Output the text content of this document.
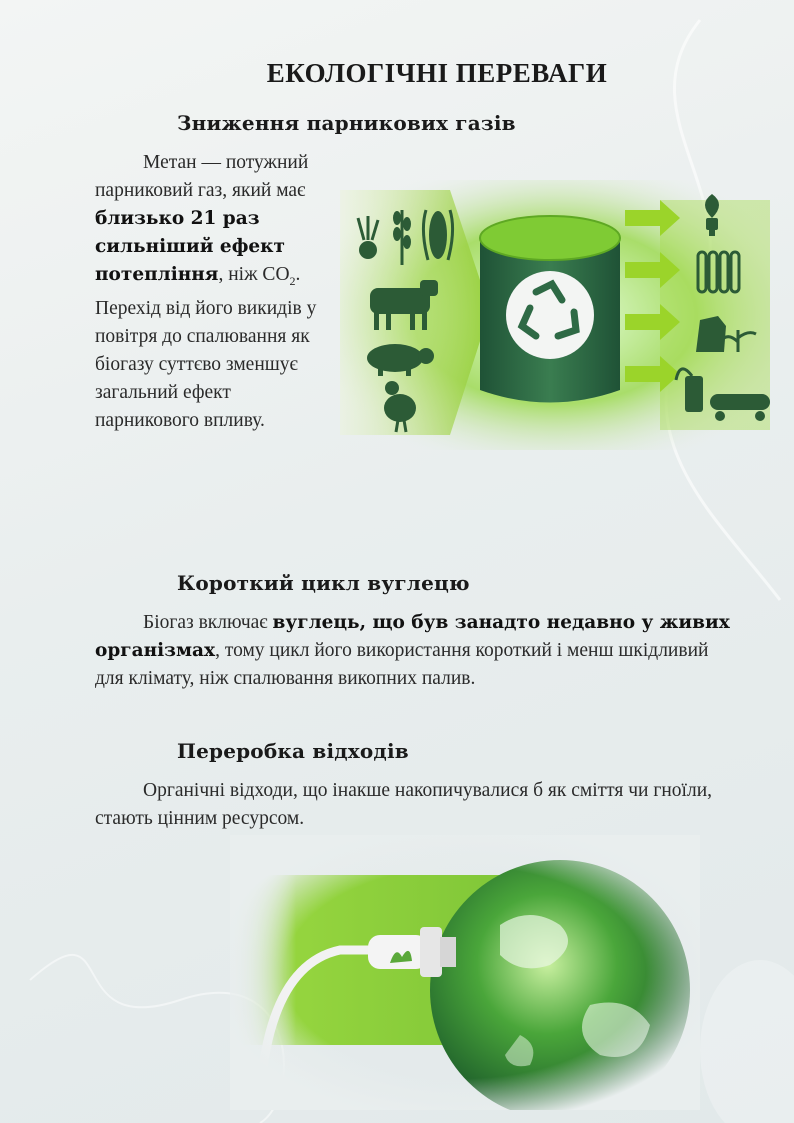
ЕКОЛОГІЧНІ ПЕРЕВАГИ
Зниження парникових газів
Метан — потужний парниковий газ, який має близько 21 раз сильніший ефект потепління, ніж $СО_2$. Перехід від його викидів у повітря до спалювання як біогазу суттєво зменшує загальний ефект парникового впливу.
Короткий цикл вуглецю
Біогаз включає вуглець, що був занадто недавно у живих організмах, тому цикл його використання короткий і менш шкідливий для клімату, ніж спалювання викопних палив.
Переробка відходів
Органічні відходи, що інакше накопичувалися б як сміття чи гноїли, стають цінним ресурсом.
